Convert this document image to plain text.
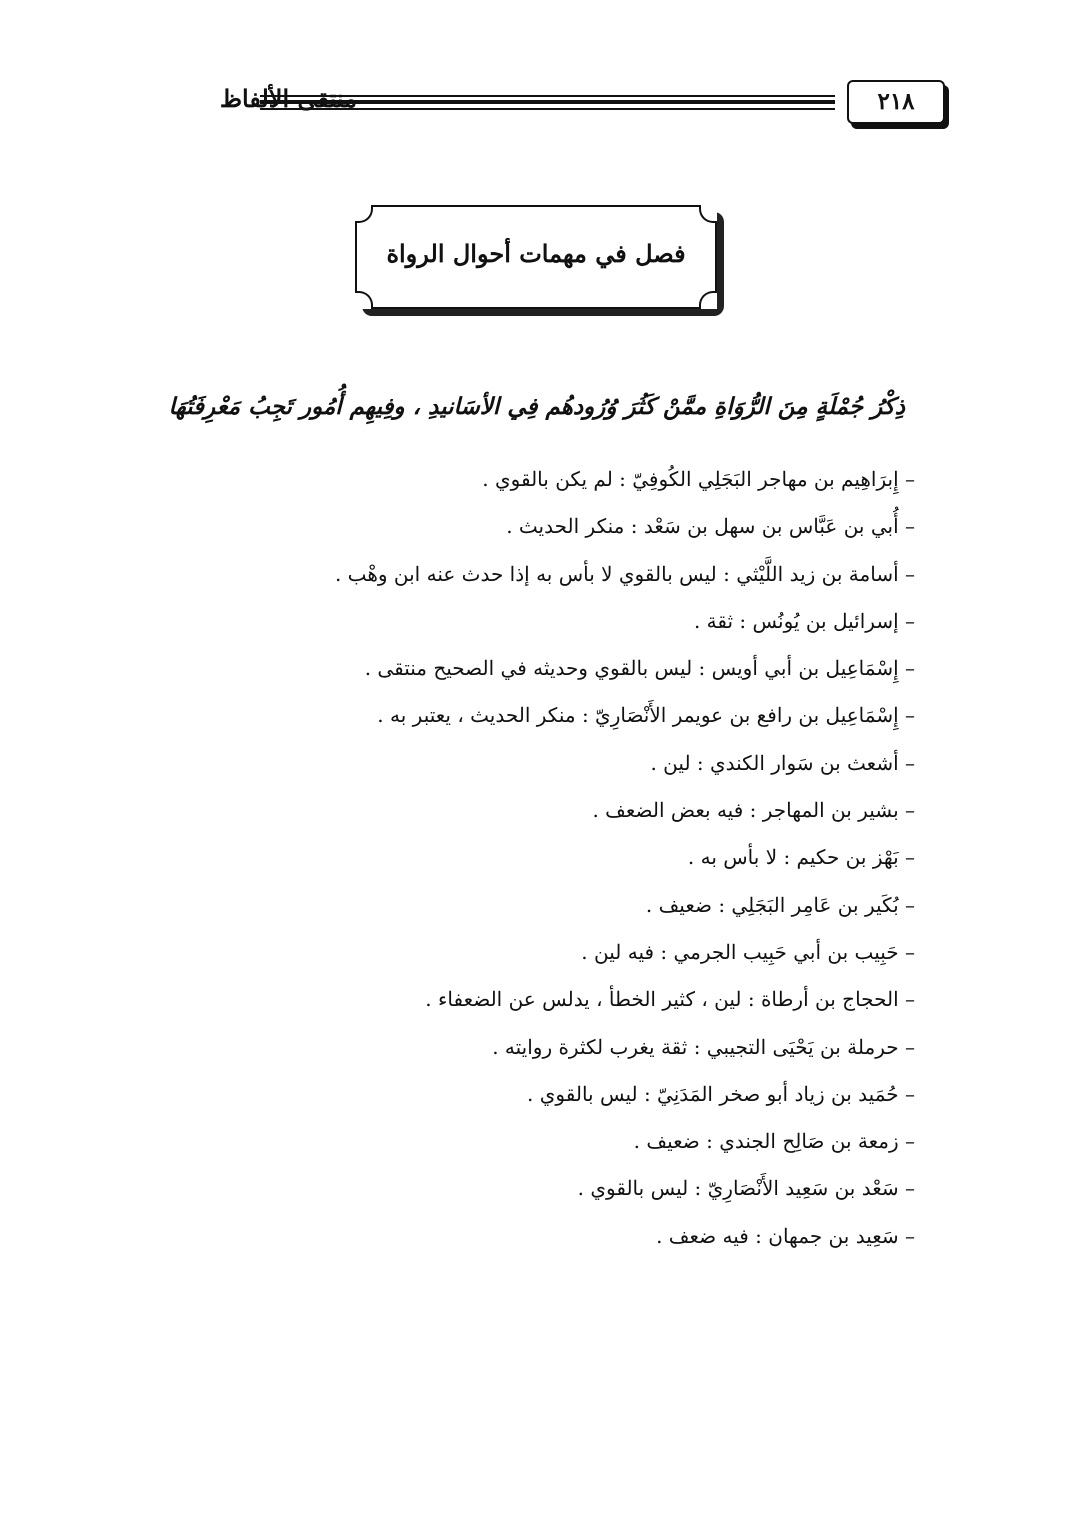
منتقى الألفاظ	٢١٨
فصل في مهمات أحوال الرواة
ذِكْرُ جُمْلَةٍ مِنَ الرُّوَاةِ ممَّنْ كَثُرَ وُرُودهُم فِي الأسَانيدِ ، وفِيهِم أُمُور تَجِبُ مَعْرِفَتُهَا
– إِبرَاهِيم بن مهاجر البَجَلِي الكُوفِيّ : لم يكن بالقوي .
– أُبي بن عَبَّاس بن سهل بن سَعْد : منكر الحديث .
– أسامة بن زيد اللَّيْثي : ليس بالقوي لا بأس به إذا حدث عنه ابن وهْب .
– إسرائيل بن يُونُس : ثقة .
– إِسْمَاعِيل بن أبي أويس : ليس بالقوي وحديثه في الصحيح منتقى .
– إِسْمَاعِيل بن رافع بن عويمر الأَنْصَارِيّ : منكر الحديث ، يعتبر به .
– أشعث بن سَوار الكندي : لين .
– بشير بن المهاجر : فيه بعض الضعف .
– بَهْز بن حكيم : لا بأس به .
– بُكَير بن عَامِر البَجَلِي : ضعيف .
– حَبِيب بن أبي حَبِيب الجرمي : فيه لين .
– الحجاج بن أرطاة : لين ، كثير الخطأ ، يدلس عن الضعفاء .
– حرملة بن يَحْيَى التجيبي : ثقة يغرب لكثرة روايته .
– حُمَيد بن زياد أبو صخر المَدَنِيّ : ليس بالقوي .
– زمعة بن صَالِح الجندي : ضعيف .
– سَعْد بن سَعِيد الأَنْصَارِيّ : ليس بالقوي .
– سَعِيد بن جمهان : فيه ضعف .
